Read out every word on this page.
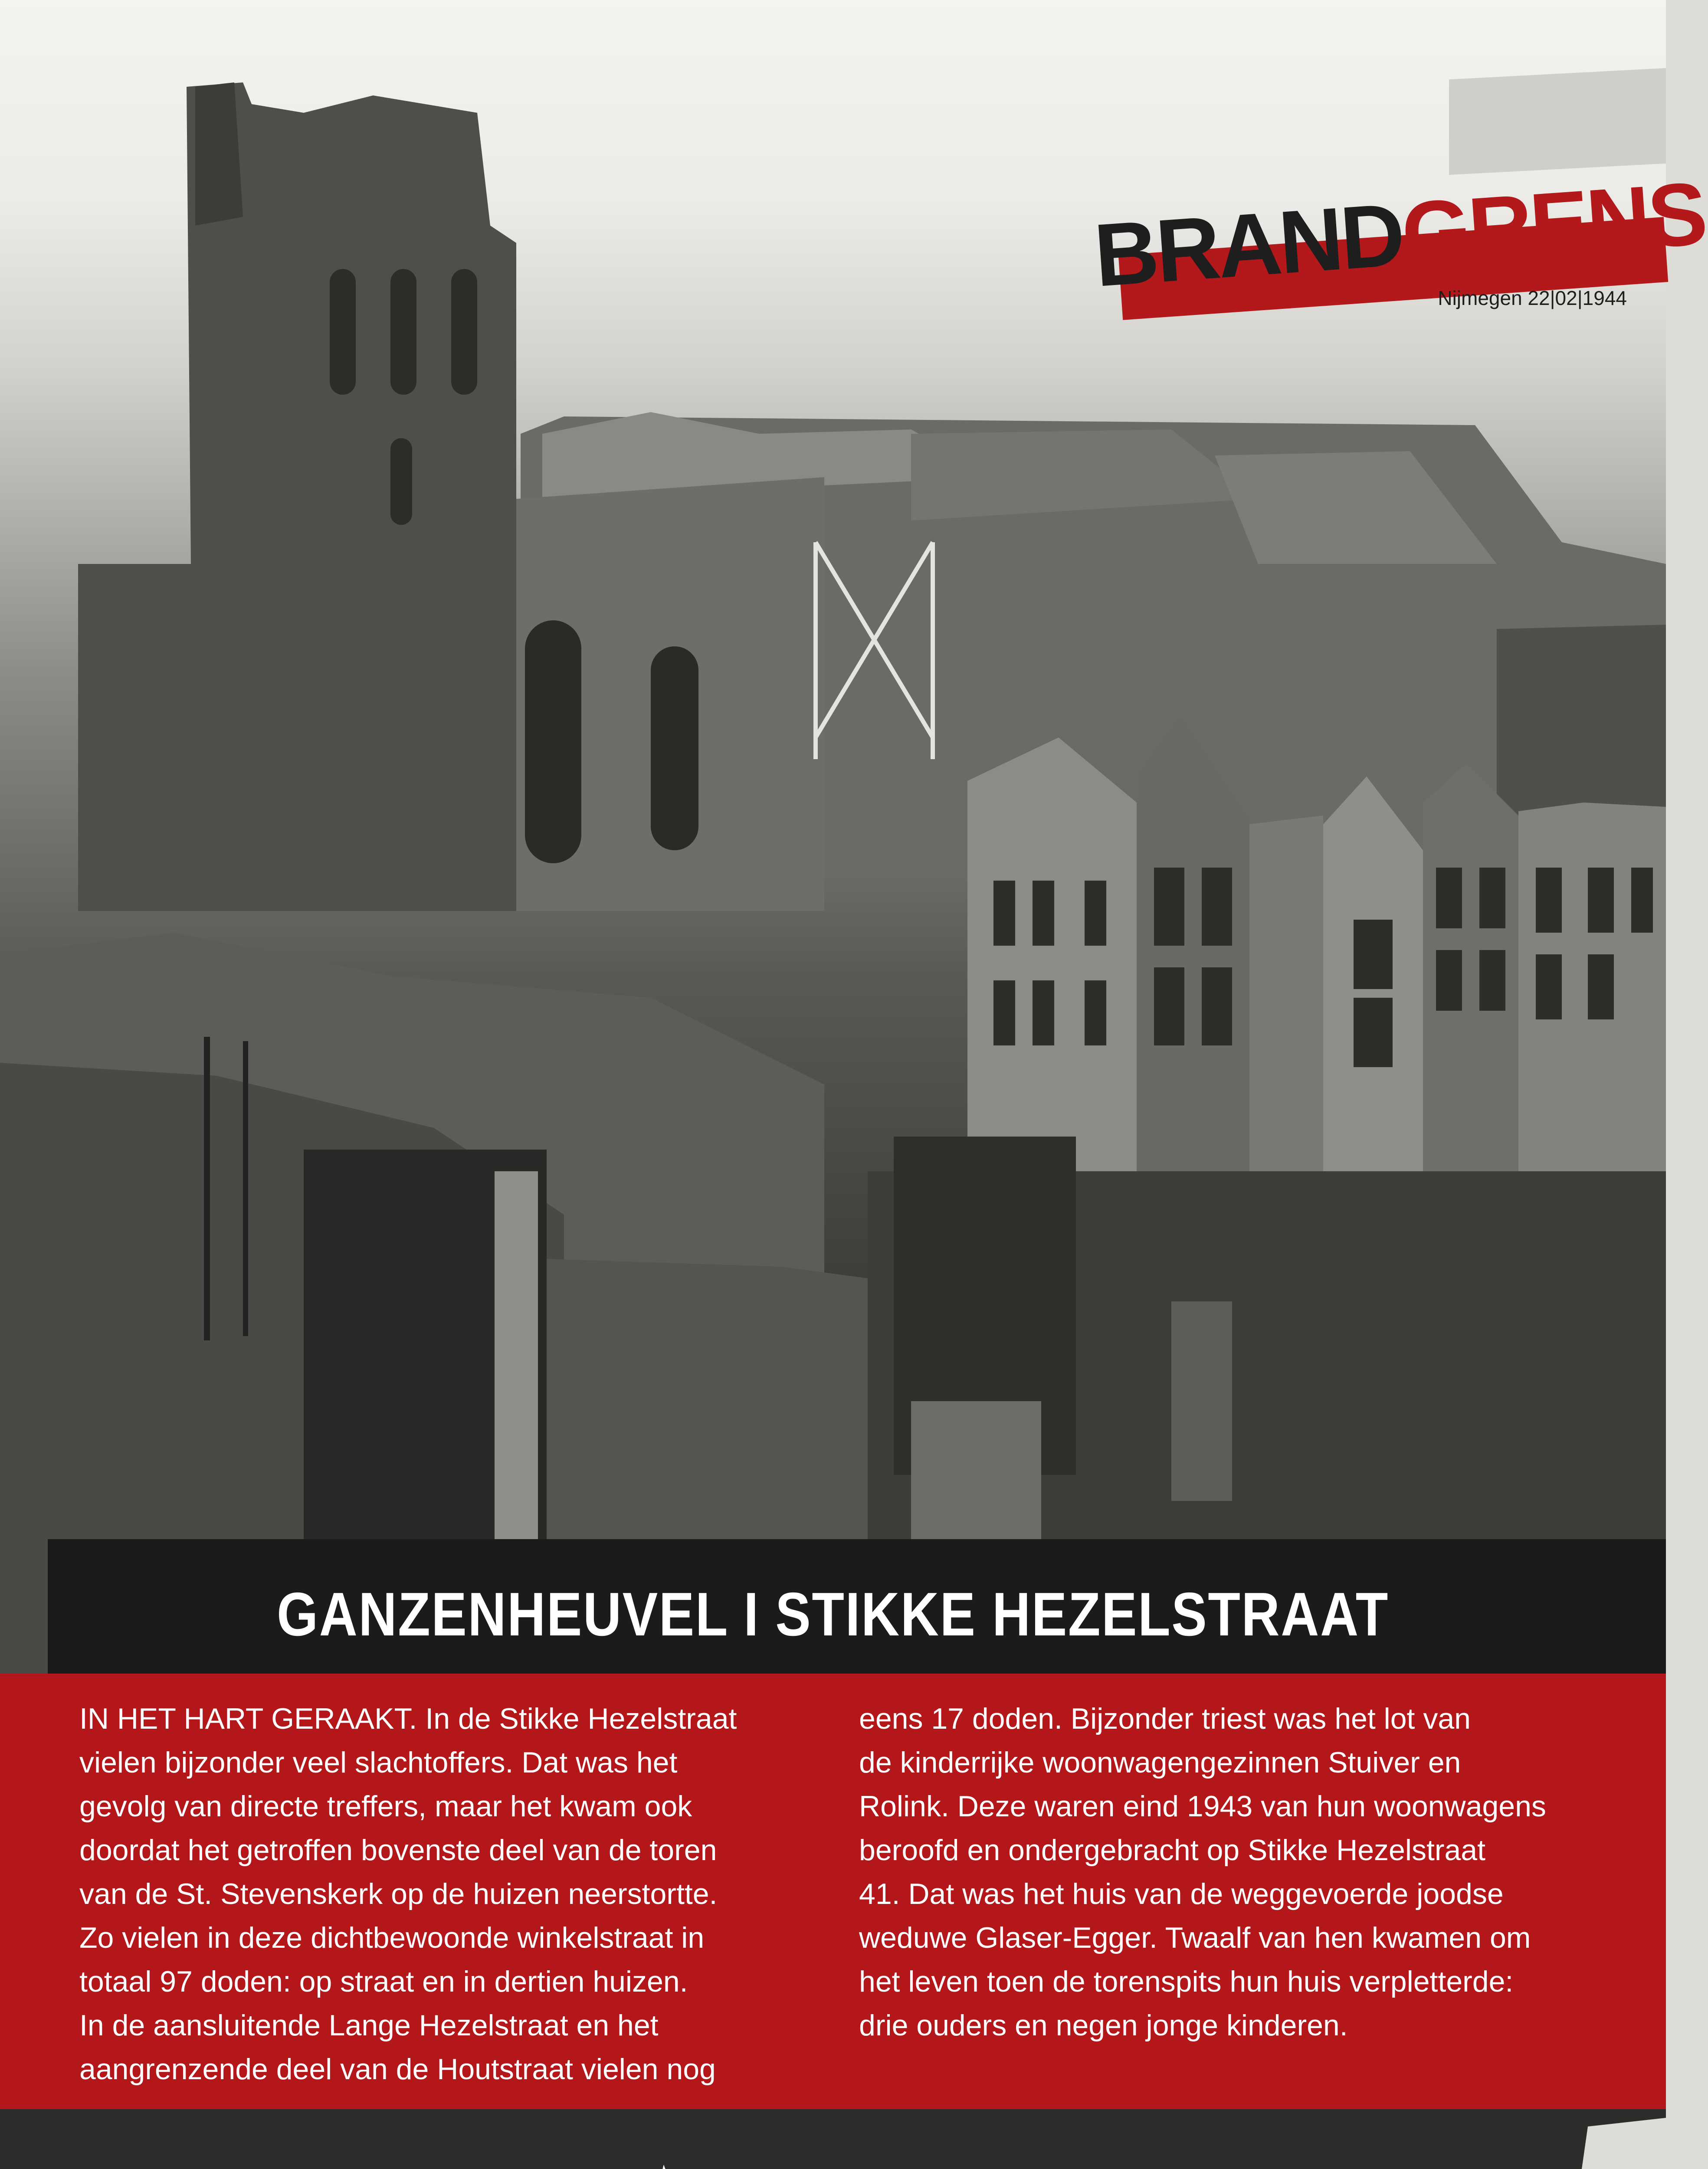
BRANDGRENS
Nijmegen 22|02|1944
GANZENHEUVEL I STIKKE HEZELSTRAAT
IN HET HART GERAAKT. In de Stikke Hezelstraat
vielen bijzonder veel slachtoffers. Dat was het
gevolg van directe treffers, maar het kwam ook
doordat het getroffen bovenste deel van de toren
van de St. Stevenskerk op de huizen neerstortte.
Zo vielen in deze dichtbewoonde winkelstraat in
totaal 97 doden: op straat en in dertien huizen.
In de aansluitende Lange Hezelstraat en het
aangrenzende deel van de Houtstraat vielen nog
eens 17 doden. Bijzonder triest was het lot van
de kinderrijke woonwagengezinnen Stuiver en
Rolink. Deze waren eind 1943 van hun woonwagens
beroofd en ondergebracht op Stikke Hezelstraat
41. Dat was het huis van de weggevoerde joodse
weduwe Glaser-Egger. Twaalf van hen kwamen om
het leven toen de torenspits hun huis verpletterde:
drie ouders en negen jonge kinderen.
